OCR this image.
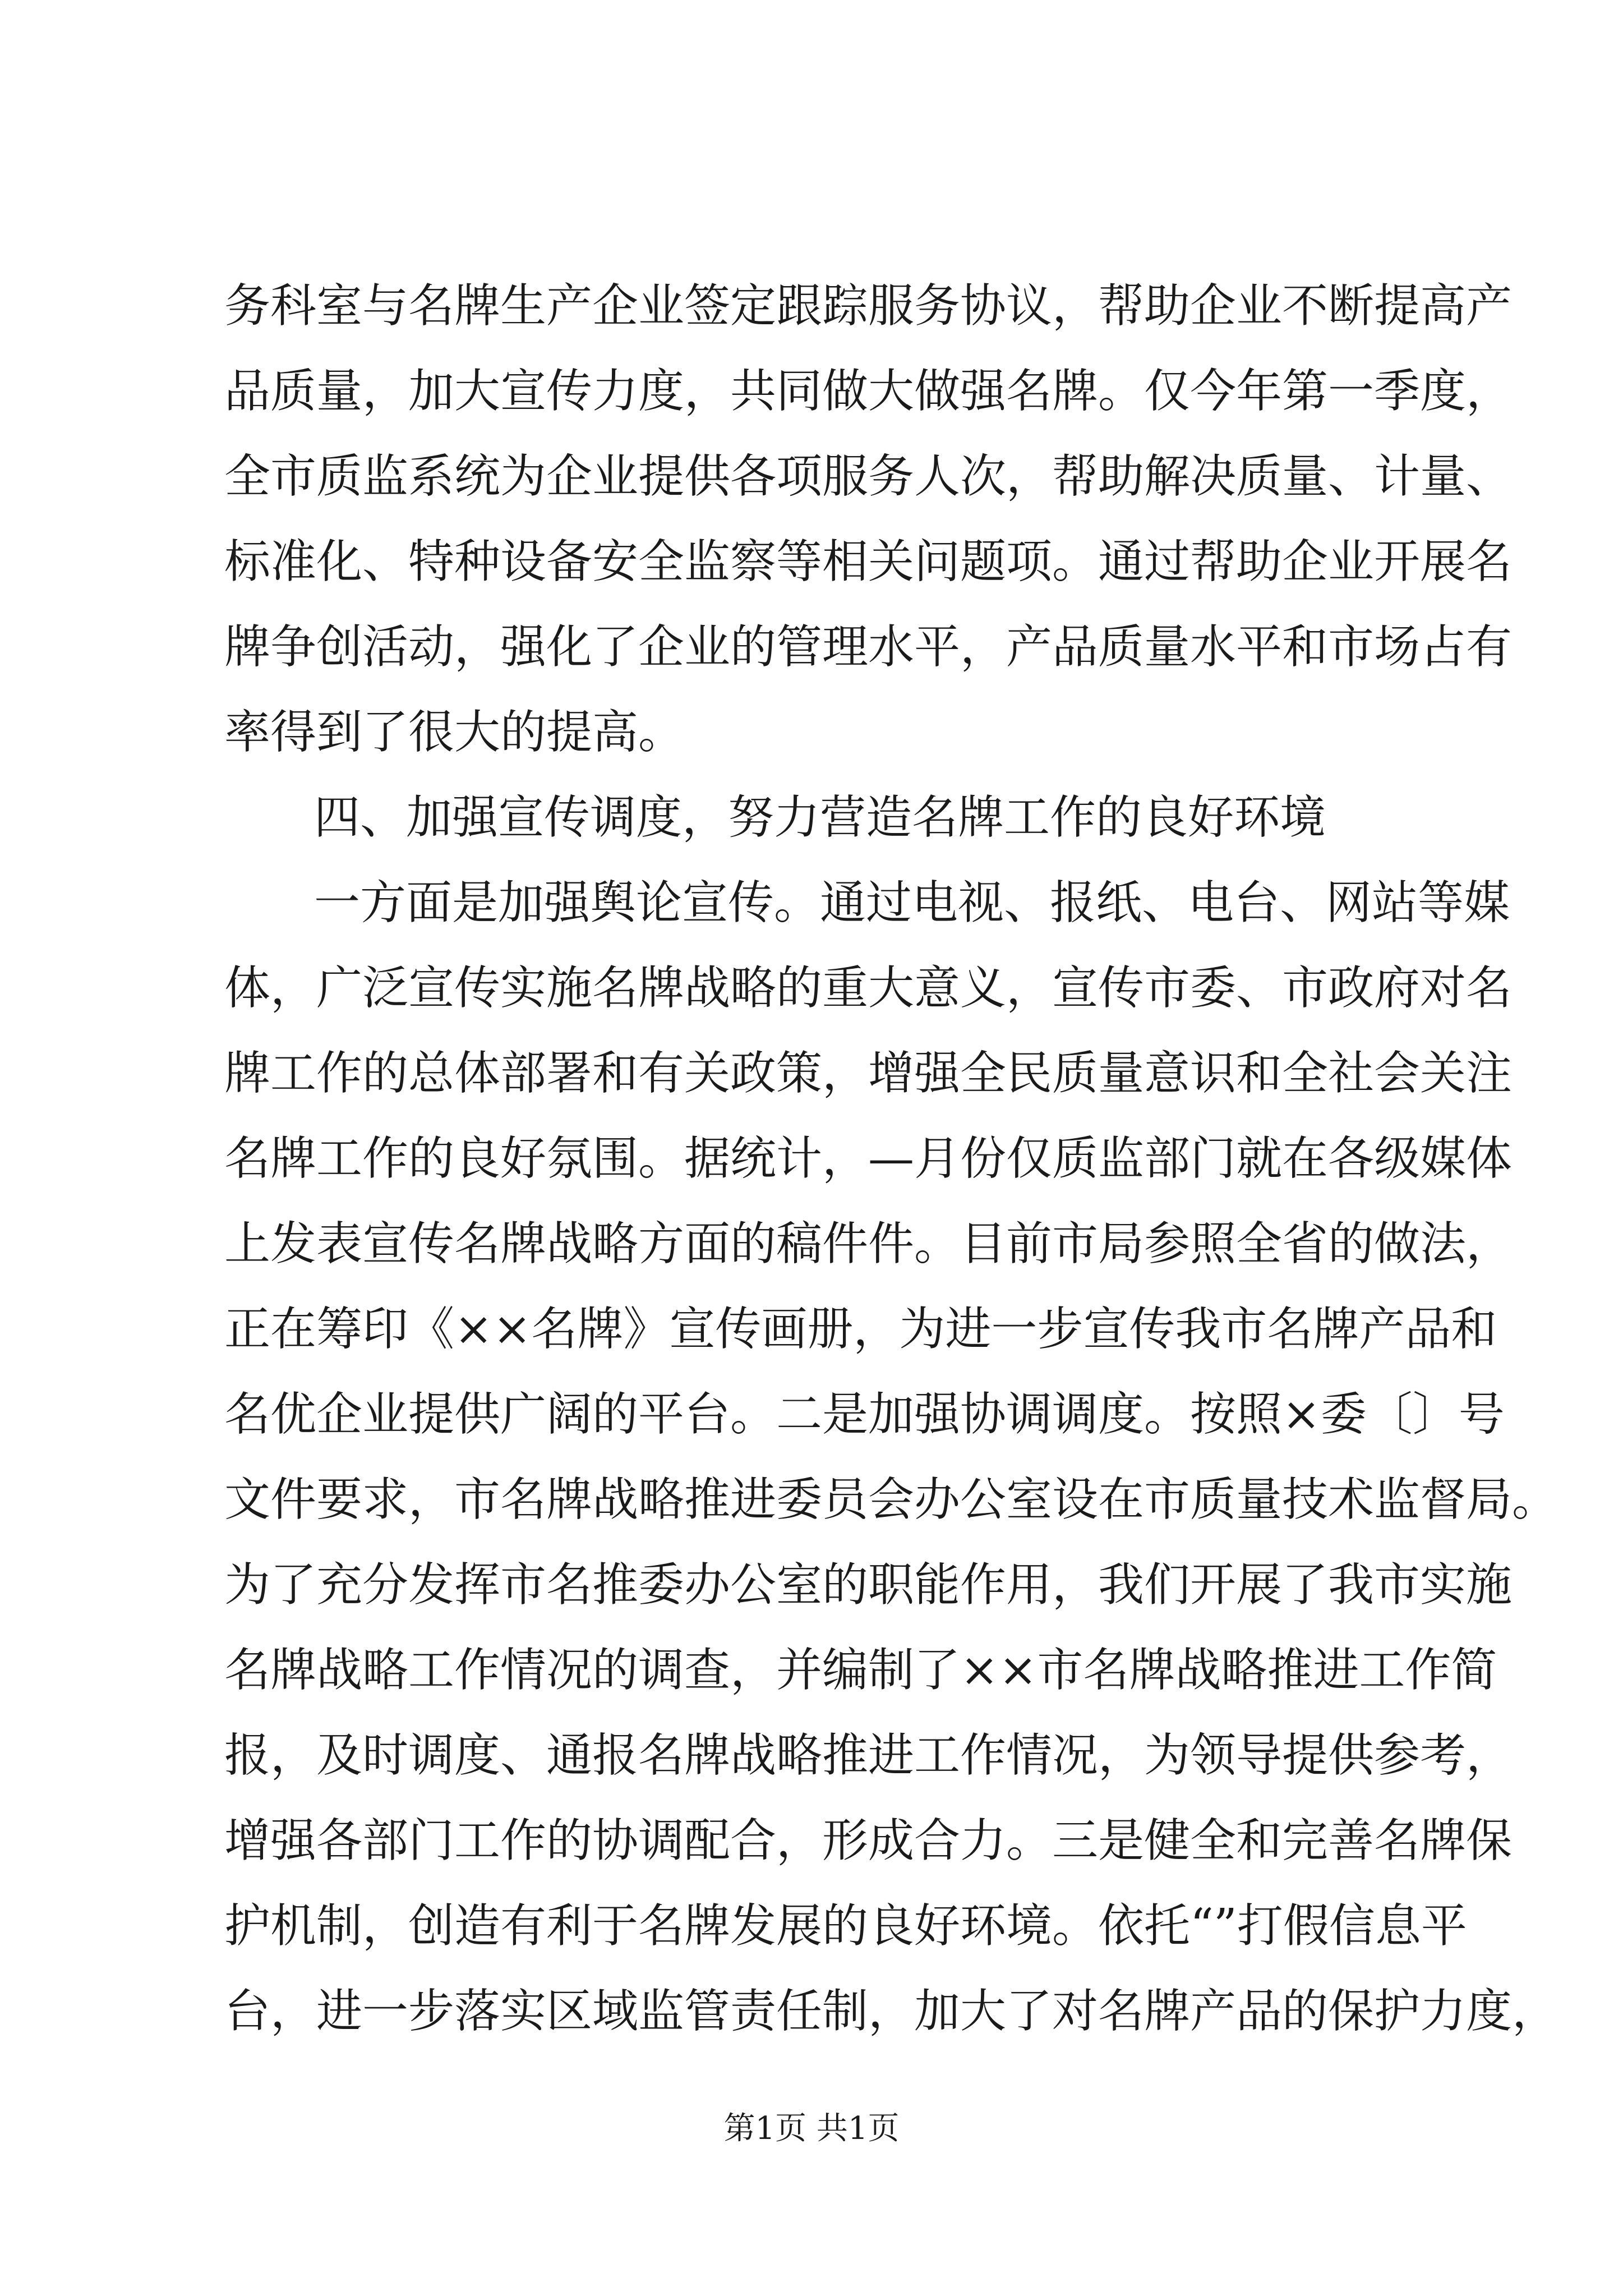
务科室与名牌生产企业签定跟踪服务协议，帮助企业不断提高产
品质量，加大宣传力度，共同做大做强名牌。仅今年第一季度，
全市质监系统为企业提供各项服务人次，帮助解决质量、计量、
标准化、特种设备安全监察等相关问题项。通过帮助企业开展名
牌争创活动，强化了企业的管理水平，产品质量水平和市场占有
率得到了很大的提高。
四、加强宣传调度，努力营造名牌工作的良好环境
一方面是加强舆论宣传。通过电视、报纸、电台、网站等媒
体，广泛宣传实施名牌战略的重大意义，宣传市委、市政府对名
牌工作的总体部署和有关政策，增强全民质量意识和全社会关注
名牌工作的良好氛围。据统计，—月份仅质监部门就在各级媒体
上发表宣传名牌战略方面的稿件件。目前市局参照全省的做法，
正在筹印《××名牌》宣传画册，为进一步宣传我市名牌产品和
名优企业提供广阔的平台。二是加强协调调度。按照×委〔〕号
文件要求，市名牌战略推进委员会办公室设在市质量技术监督局。
为了充分发挥市名推委办公室的职能作用，我们开展了我市实施
名牌战略工作情况的调查，并编制了××市名牌战略推进工作简
报，及时调度、通报名牌战略推进工作情况，为领导提供参考，
增强各部门工作的协调配合，形成合力。三是健全和完善名牌保
护机制，创造有利于名牌发展的良好环境。依托“”打假信息平
台，进一步落实区域监管责任制，加大了对名牌产品的保护力度，
第1页 共1页
